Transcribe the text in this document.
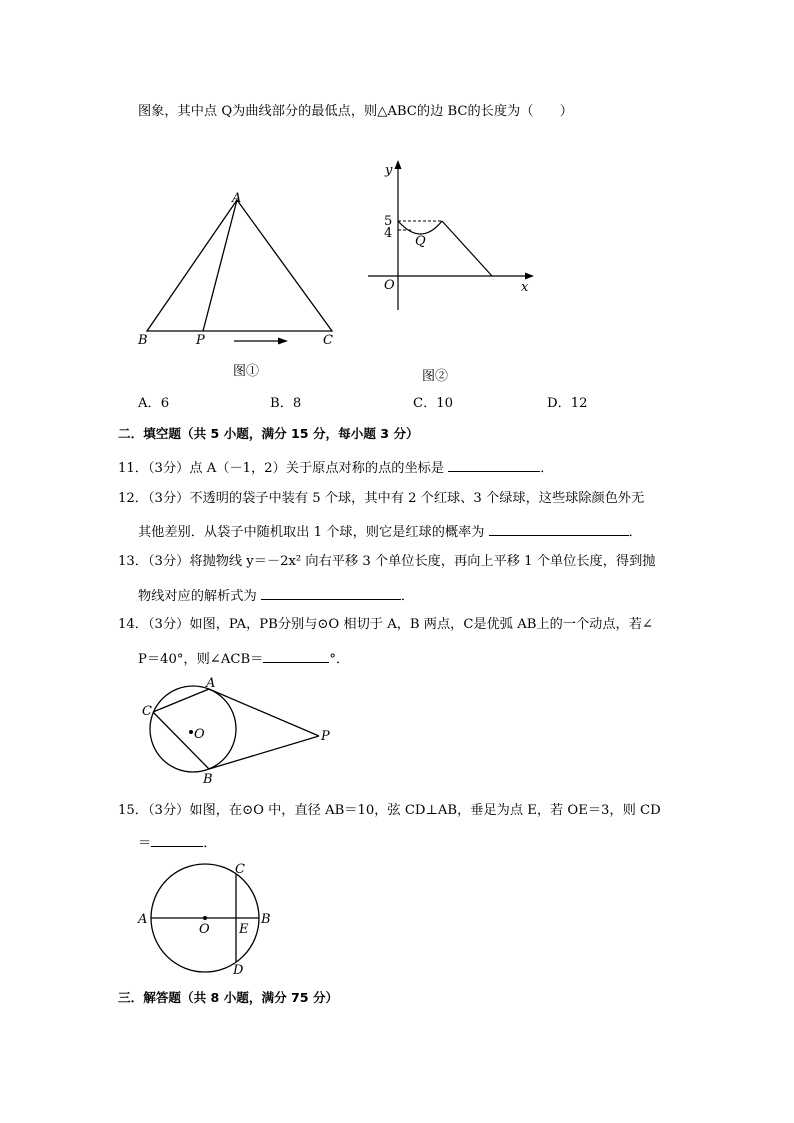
图象，其中点 Q为曲线部分的最低点，则△ABC的边 BC的长度为（　　）
A
B	P	C
图①
y
5
4
Q
O	x
图②
A．6	B．8	C．10	D．12
二．填空题（共 5 小题，满分 15 分，每小题 3 分）
11．（3分）点 A（－1，2）关于原点对称的点的坐标是	．
12．（3分）不透明的袋子中装有 5 个球，其中有 2 个红球、3 个绿球，这些球除颜色外无
其他差别．从袋子中随机取出 1 个球，则它是红球的概率为	．
13．（3分）将抛物线 y＝－2x² 向右平移 3 个单位长度，再向上平移 1 个单位长度，得到抛
物线对应的解析式为	．
14．（3分）如图，PA，PB分别与⊙O 相切于 A，B 两点，C是优弧 AB上的一个动点，若∠
P＝40°，则∠ACB＝	°．
A
C
O	P
B
15．（3分）如图，在⊙O 中，直径 AB＝10，弦 CD⊥AB，垂足为点 E，若 OE＝3，则 CD
＝	．
A	B
C
O E
D
三．解答题（共 8 小题，满分 75 分）
